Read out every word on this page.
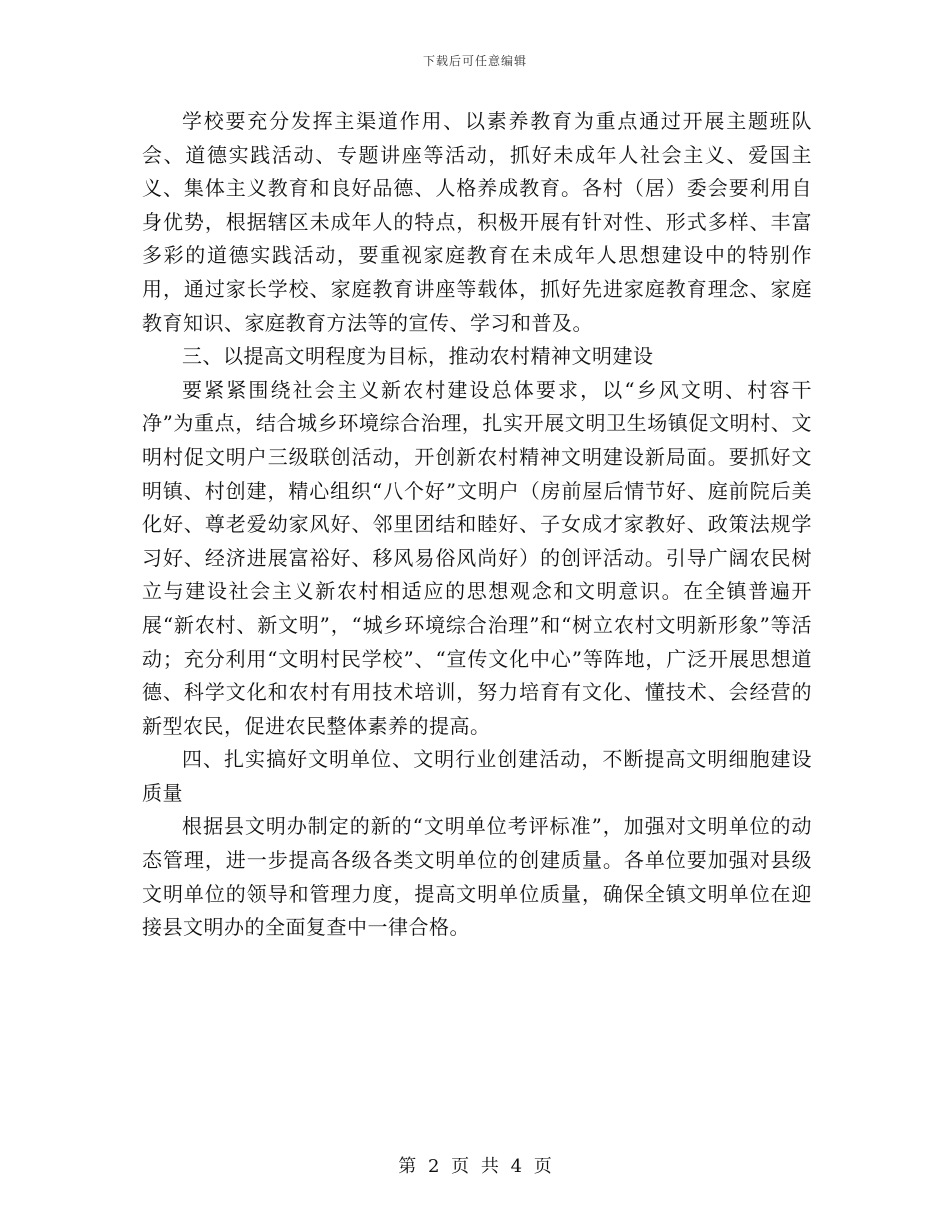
下载后可任意编辑

学校要充分发挥主渠道作用、以素养教育为重点通过开展主题班队会、道德实践活动、专题讲座等活动，抓好未成年人社会主义、爱国主义、集体主义教育和良好品德、人格养成教育。各村（居）委会要利用自身优势，根据辖区未成年人的特点，积极开展有针对性、形式多样、丰富多彩的道德实践活动，要重视家庭教育在未成年人思想建设中的特别作用，通过家长学校、家庭教育讲座等载体，抓好先进家庭教育理念、家庭教育知识、家庭教育方法等的宣传、学习和普及。

三、以提高文明程度为目标，推动农村精神文明建设

要紧紧围绕社会主义新农村建设总体要求，以“乡风文明、村容干净”为重点，结合城乡环境综合治理，扎实开展文明卫生场镇促文明村、文明村促文明户三级联创活动，开创新农村精神文明建设新局面。要抓好文明镇、村创建，精心组织“八个好”文明户（房前屋后情节好、庭前院后美化好、尊老爱幼家风好、邻里团结和睦好、子女成才家教好、政策法规学习好、经济进展富裕好、移风易俗风尚好）的创评活动。引导广阔农民树立与建设社会主义新农村相适应的思想观念和文明意识。在全镇普遍开展“新农村、新文明”，“城乡环境综合治理”和“树立农村文明新形象”等活动；充分利用“文明村民学校”、“宣传文化中心”等阵地，广泛开展思想道德、科学文化和农村有用技术培训，努力培育有文化、懂技术、会经营的新型农民，促进农民整体素养的提高。

四、扎实搞好文明单位、文明行业创建活动，不断提高文明细胞建设质量

根据县文明办制定的新的“文明单位考评标准”，加强对文明单位的动态管理，进一步提高各级各类文明单位的创建质量。各单位要加强对县级文明单位的领导和管理力度，提高文明单位质量，确保全镇文明单位在迎接县文明办的全面复查中一律合格。

第 2 页 共 4 页
